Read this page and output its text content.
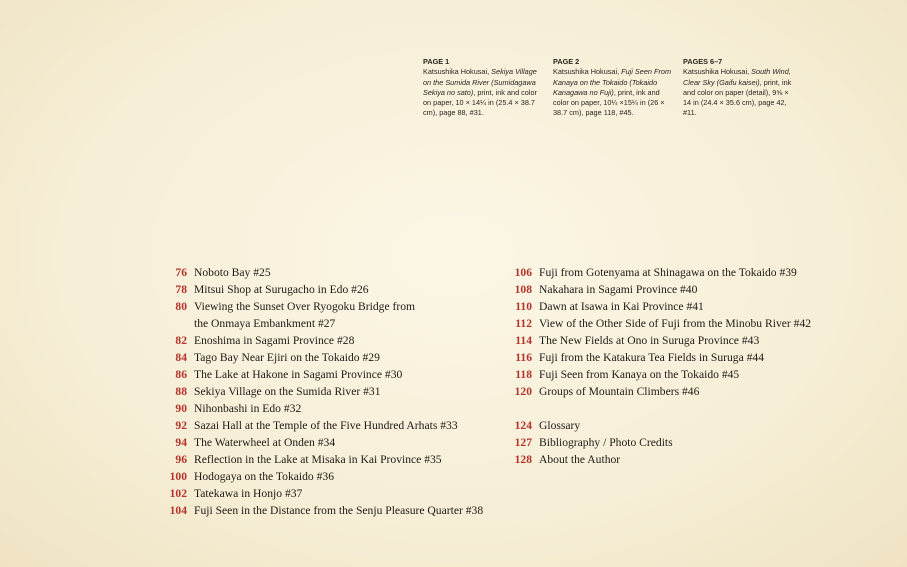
PAGE 1
Katsushika Hokusai, Sekiya Village on the Sumida River (Sumidagawa Sekiya no sato), print, ink and color on paper, 10 × 14¼ in (25.4 × 38.7 cm), page 88, #31.
PAGE 2
Katsushika Hokusai, Fuji Seen From Kanaya on the Tokaido (Tokaido Kanagawa no Fuji), print, ink and color on paper, 10¼ ×15¼ in (26 × 38.7 cm), page 118, #45.
PAGES 6–7
Katsushika Hokusai, South Wind, Clear Sky (Gaifu kaisei), print, ink and color on paper (detail), 9⅝ × 14 in (24.4 × 35.6 cm), page 42, #11.
76 Noboto Bay #25
78 Mitsui Shop at Surugacho in Edo #26
80 Viewing the Sunset Over Ryogoku Bridge from
the Onmaya Embankment #27
82 Enoshima in Sagami Province #28
84 Tago Bay Near Ejiri on the Tokaido #29
86 The Lake at Hakone in Sagami Province #30
88 Sekiya Village on the Sumida River #31
90 Nihonbashi in Edo #32
92 Sazai Hall at the Temple of the Five Hundred Arhats #33
94 The Waterwheel at Onden #34
96 Reflection in the Lake at Misaka in Kai Province #35
100 Hodogaya on the Tokaido #36
102 Tatekawa in Honjo #37
104 Fuji Seen in the Distance from the Senju Pleasure Quarter #38
106 Fuji from Gotenyama at Shinagawa on the Tokaido #39
108 Nakahara in Sagami Province #40
110 Dawn at Isawa in Kai Province #41
112 View of the Other Side of Fuji from the Minobu River #42
114 The New Fields at Ono in Suruga Province #43
116 Fuji from the Katakura Tea Fields in Suruga #44
118 Fuji Seen from Kanaya on the Tokaido #45
120 Groups of Mountain Climbers #46
124 Glossary
127 Bibliography / Photo Credits
128 About the Author
